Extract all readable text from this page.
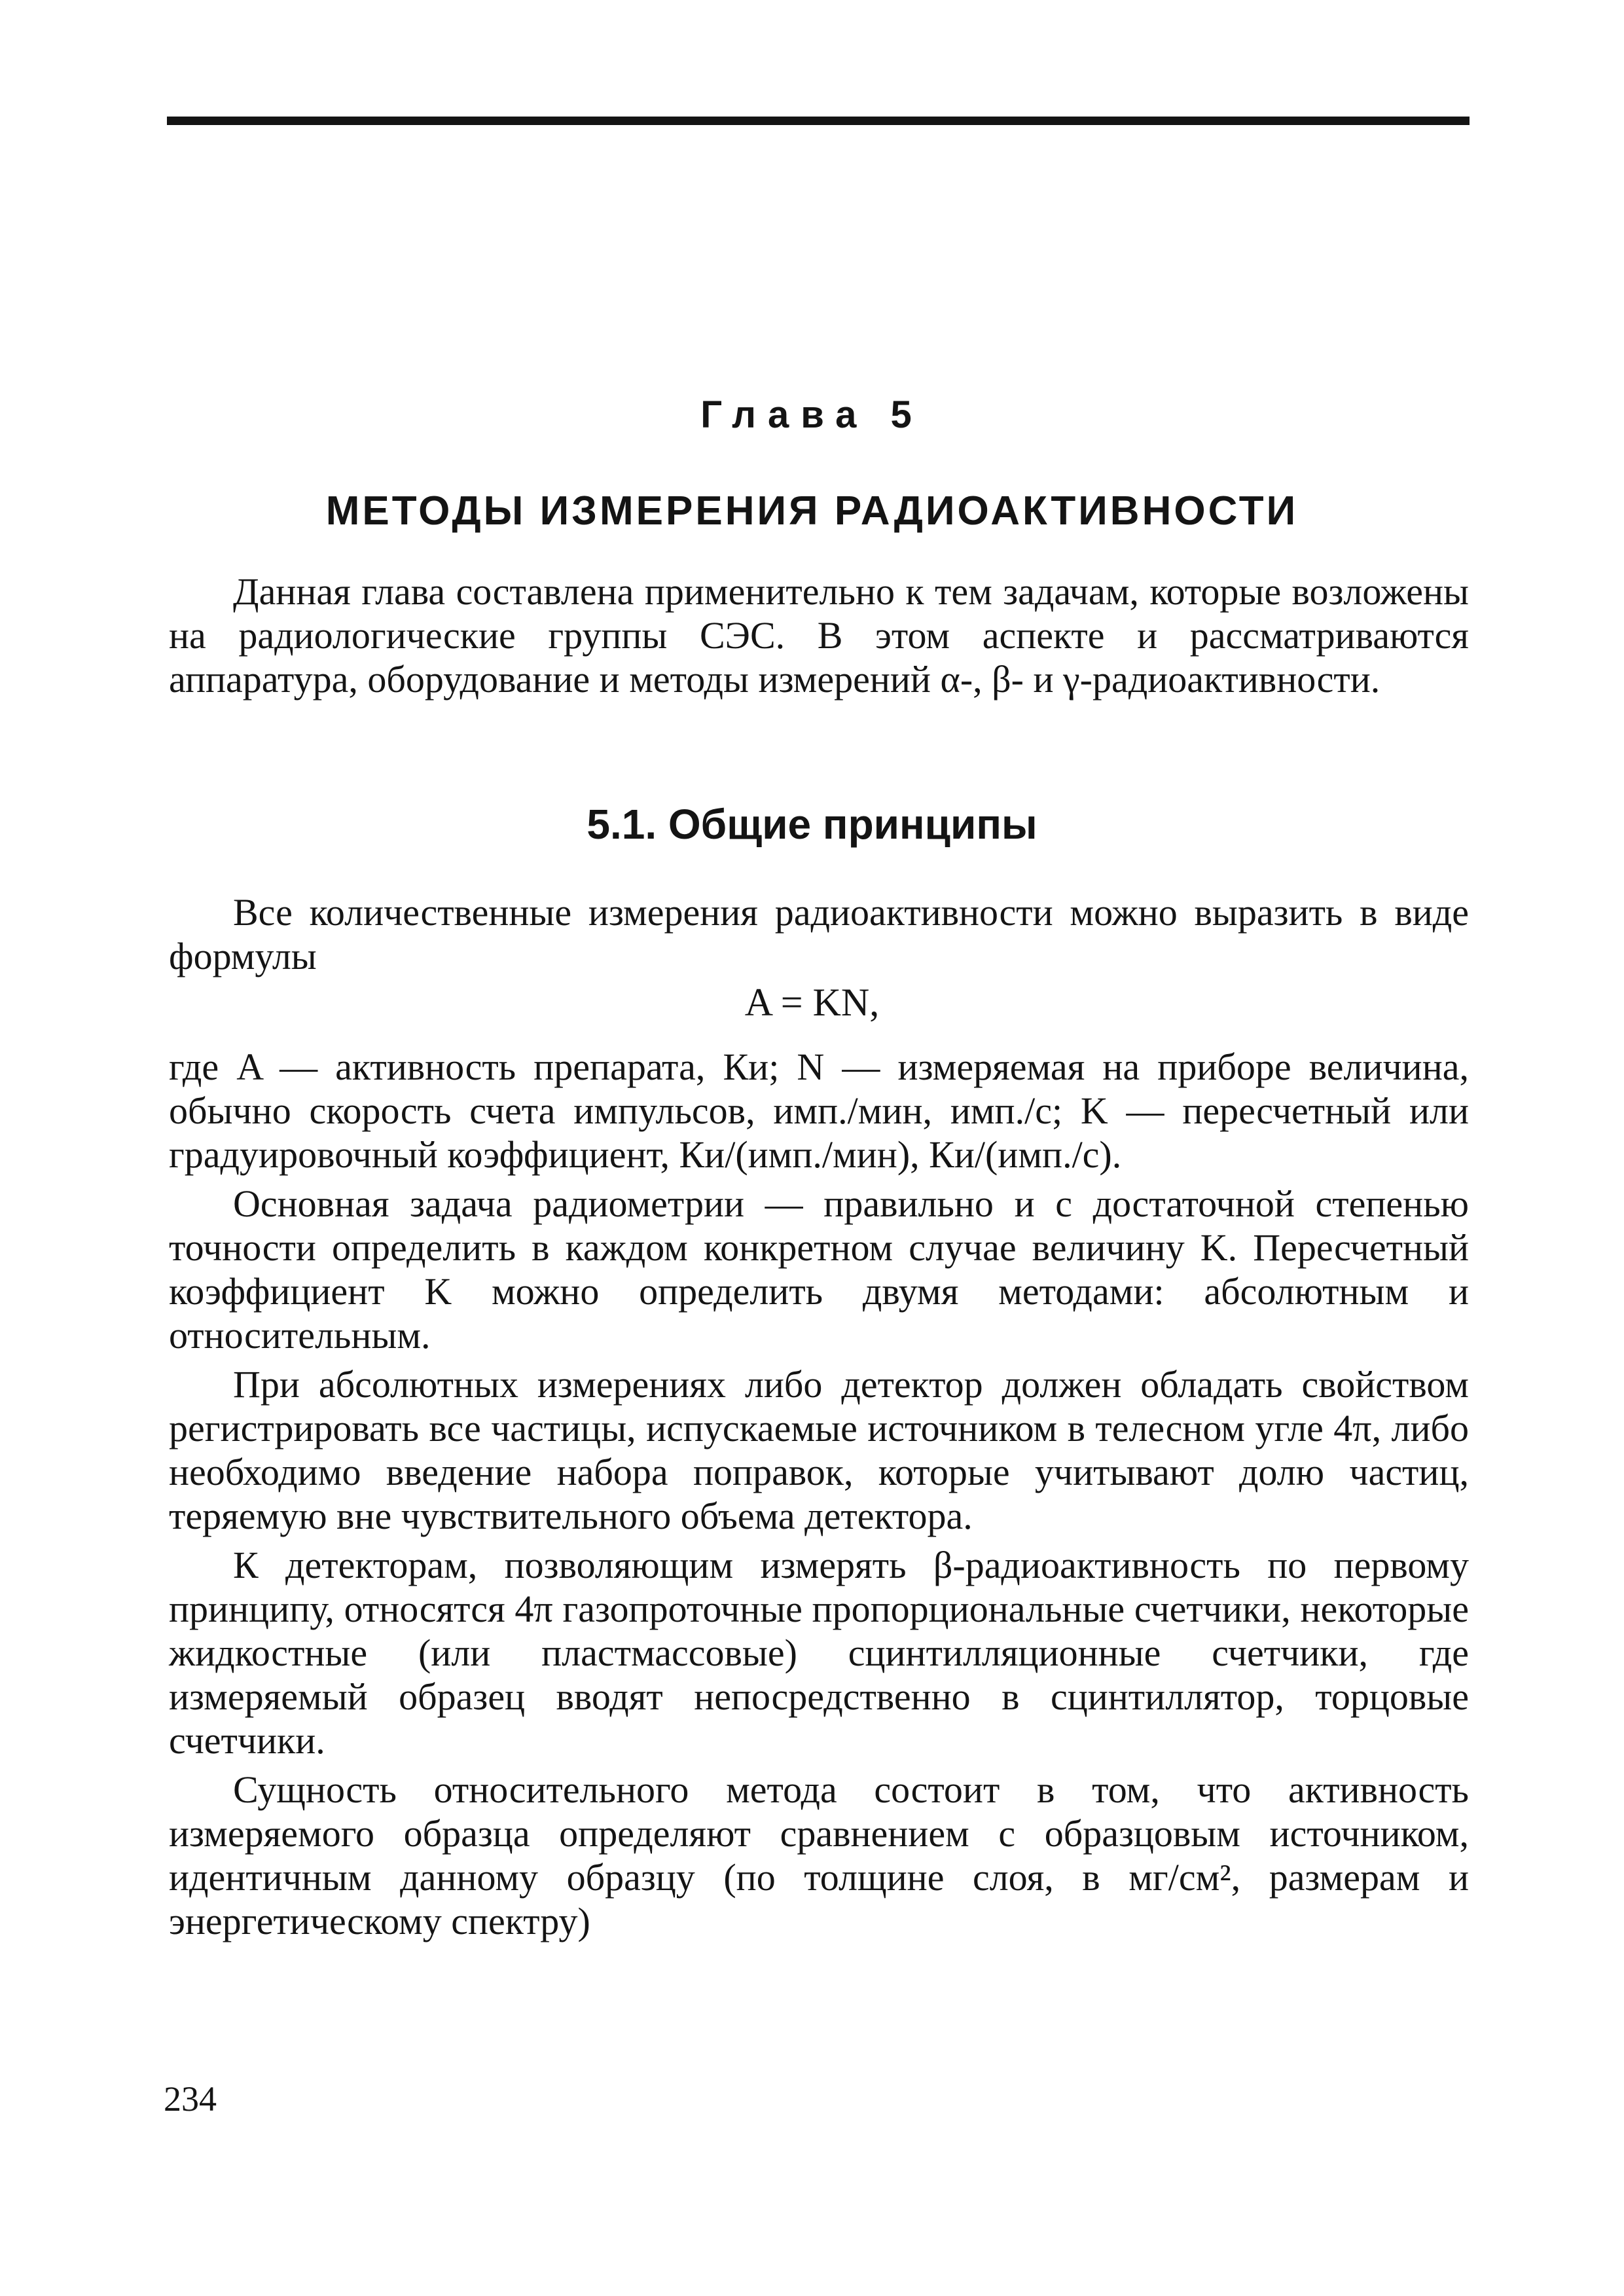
Глава 5
МЕТОДЫ ИЗМЕРЕНИЯ РАДИОАКТИВНОСТИ

Данная глава составлена применительно к тем задачам, которые возложены на радиологические группы СЭС. В этом аспекте и рассматриваются аппаратура, оборудование и методы измерений α-, β- и γ-радиоактивности.

5.1. Общие принципы

Все количественные измерения радиоактивности можно выразить в виде формулы

A = KN,

где A — активность препарата, Ки; N — измеряемая на приборе величина, обычно скорость счета импульсов, имп./мин, имп./с; K — пересчетный или градуировочный коэффициент, Ки/(имп./мин), Ки/(имп./с).

Основная задача радиометрии — правильно и с достаточной степенью точности определить в каждом конкретном случае величину K. Пересчетный коэффициент K можно определить двумя методами: абсолютным и относительным.

При абсолютных измерениях либо детектор должен обладать свойством регистрировать все частицы, испускаемые источником в телесном угле 4π, либо необходимо введение набора поправок, которые учитывают долю частиц, теряемую вне чувствительного объема детектора.

К детекторам, позволяющим измерять β-радиоактивность по первому принципу, относятся 4π газопроточные пропорциональные счетчики, некоторые жидкостные (или пластмассовые) сцинтилляционные счетчики, где измеряемый образец вводят непосредственно в сцинтиллятор, торцовые счетчики.

Сущность относительного метода состоит в том, что активность измеряемого образца определяют сравнением с образцовым источником, идентичным данному образцу (по толщине слоя, в мг/см², размерам и энергетическому спектру)

234
